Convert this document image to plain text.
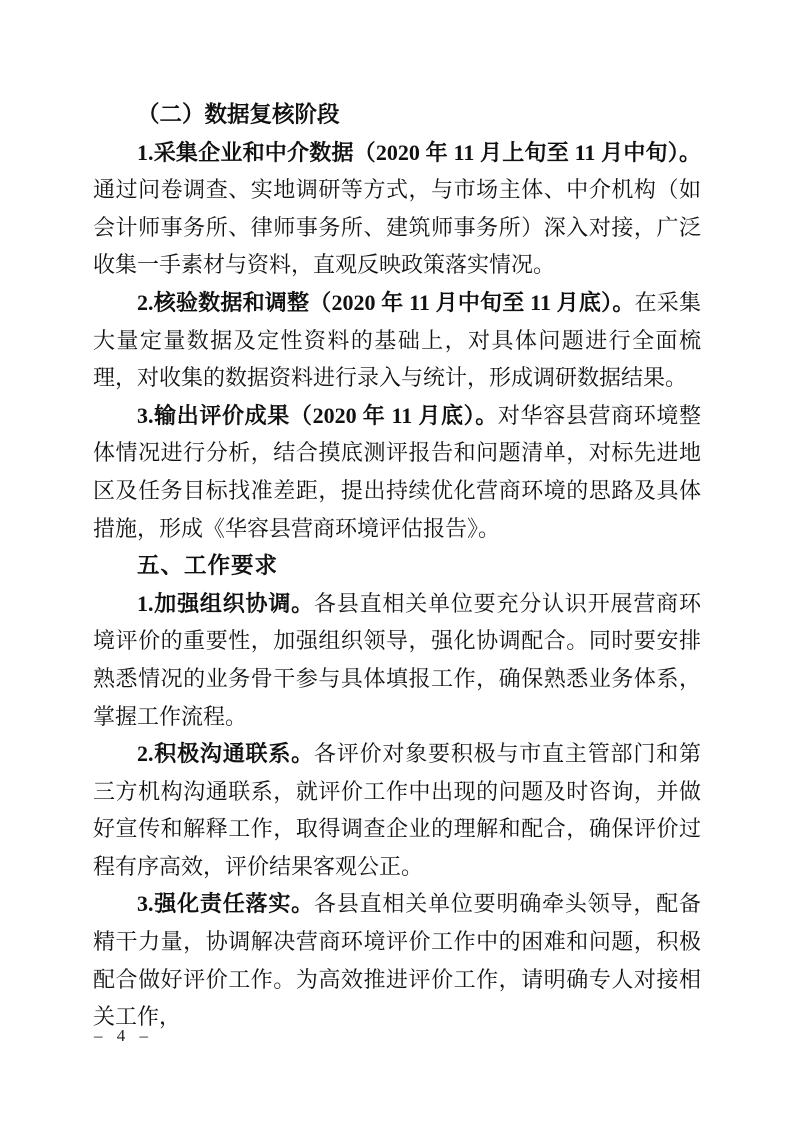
（二）数据复核阶段

1.采集企业和中介数据（2020 年 11 月上旬至 11 月中旬）。通过问卷调查、实地调研等方式，与市场主体、中介机构（如会计师事务所、律师事务所、建筑师事务所）深入对接，广泛收集一手素材与资料，直观反映政策落实情况。

2.核验数据和调整（2020 年 11 月中旬至 11 月底）。在采集大量定量数据及定性资料的基础上，对具体问题进行全面梳理，对收集的数据资料进行录入与统计，形成调研数据结果。

3.输出评价成果（2020 年 11 月底）。对华容县营商环境整体情况进行分析，结合摸底测评报告和问题清单，对标先进地区及任务目标找准差距，提出持续优化营商环境的思路及具体措施，形成《华容县营商环境评估报告》。

五、工作要求

1.加强组织协调。各县直相关单位要充分认识开展营商环境评价的重要性，加强组织领导，强化协调配合。同时要安排熟悉情况的业务骨干参与具体填报工作，确保熟悉业务体系，掌握工作流程。

2.积极沟通联系。各评价对象要积极与市直主管部门和第三方机构沟通联系，就评价工作中出现的问题及时咨询，并做好宣传和解释工作，取得调查企业的理解和配合，确保评价过程有序高效，评价结果客观公正。

3.强化责任落实。各县直相关单位要明确牵头领导，配备精干力量，协调解决营商环境评价工作中的困难和问题，积极配合做好评价工作。为高效推进评价工作，请明确专人对接相关工作，

– 4 –
